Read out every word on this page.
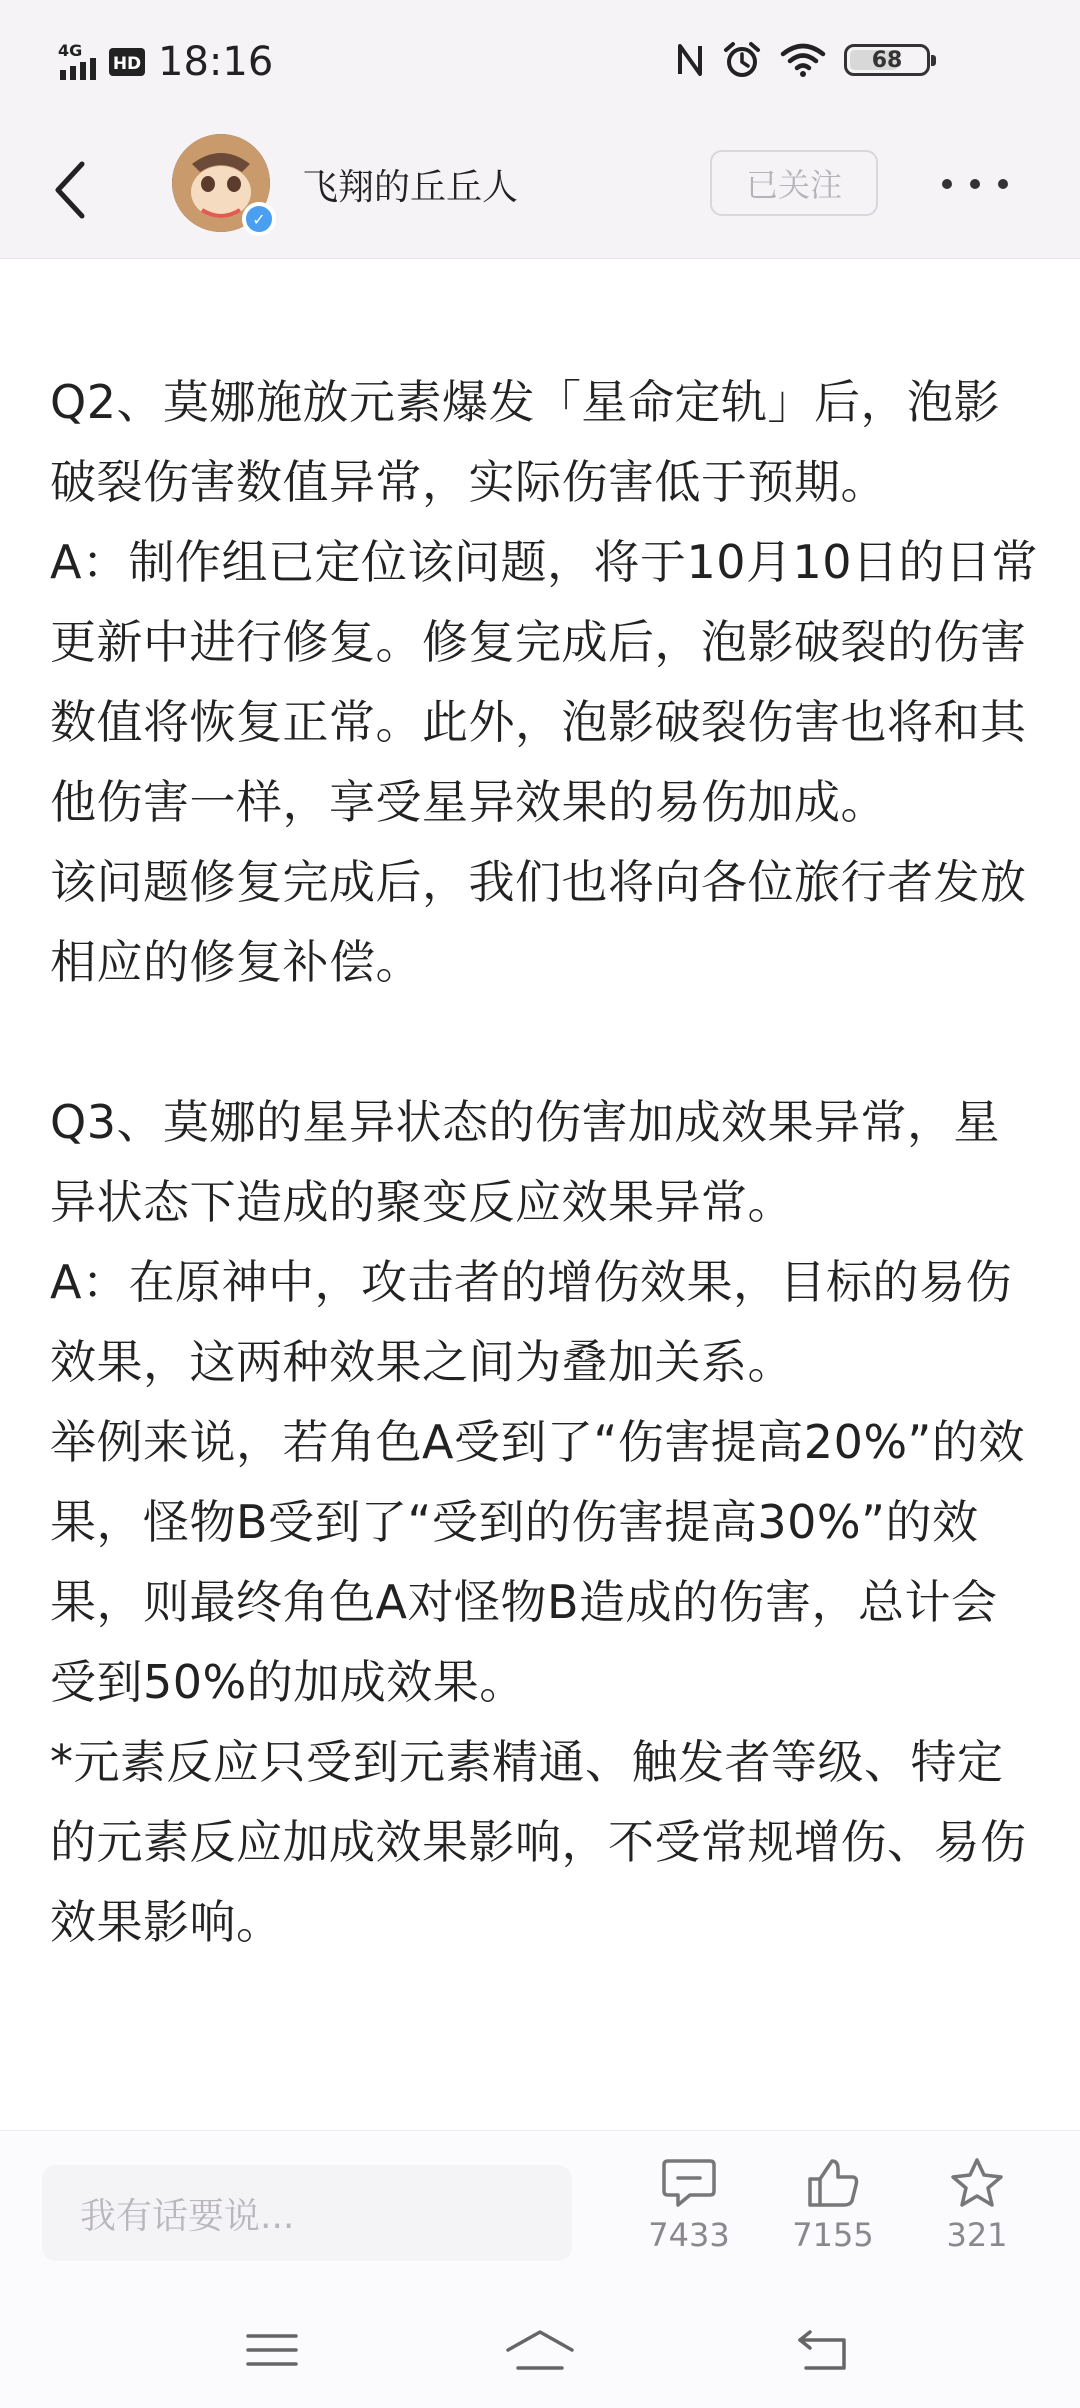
4G
HD 18:16	68
✓
飞翔的丘丘人	已关注

Q2、莫娜施放元素爆发「星命定轨」后，泡影破裂伤害数值异常，实际伤害低于预期。

A：制作组已定位该问题，将于10月10日的日常更新中进行修复。修复完成后，泡影破裂的伤害数值将恢复正常。此外，泡影破裂伤害也将和其他伤害一样，享受星异效果的易伤加成。

该问题修复完成后，我们也将向各位旅行者发放相应的修复补偿。

Q3、莫娜的星异状态的伤害加成效果异常，星异状态下造成的聚变反应效果异常。

A：在原神中，攻击者的增伤效果，目标的易伤效果，这两种效果之间为叠加关系。

举例来说，若角色A受到了“伤害提高20%”的效果，怪物B受到了“受到的伤害提高30%”的效果，则最终角色A对怪物B造成的伤害，总计会受到50%的加成效果。

*元素反应只受到元素精通、触发者等级、特定的元素反应加成效果影响，不受常规增伤、易伤效果影响。

我有话要说...	7433	7155	321
